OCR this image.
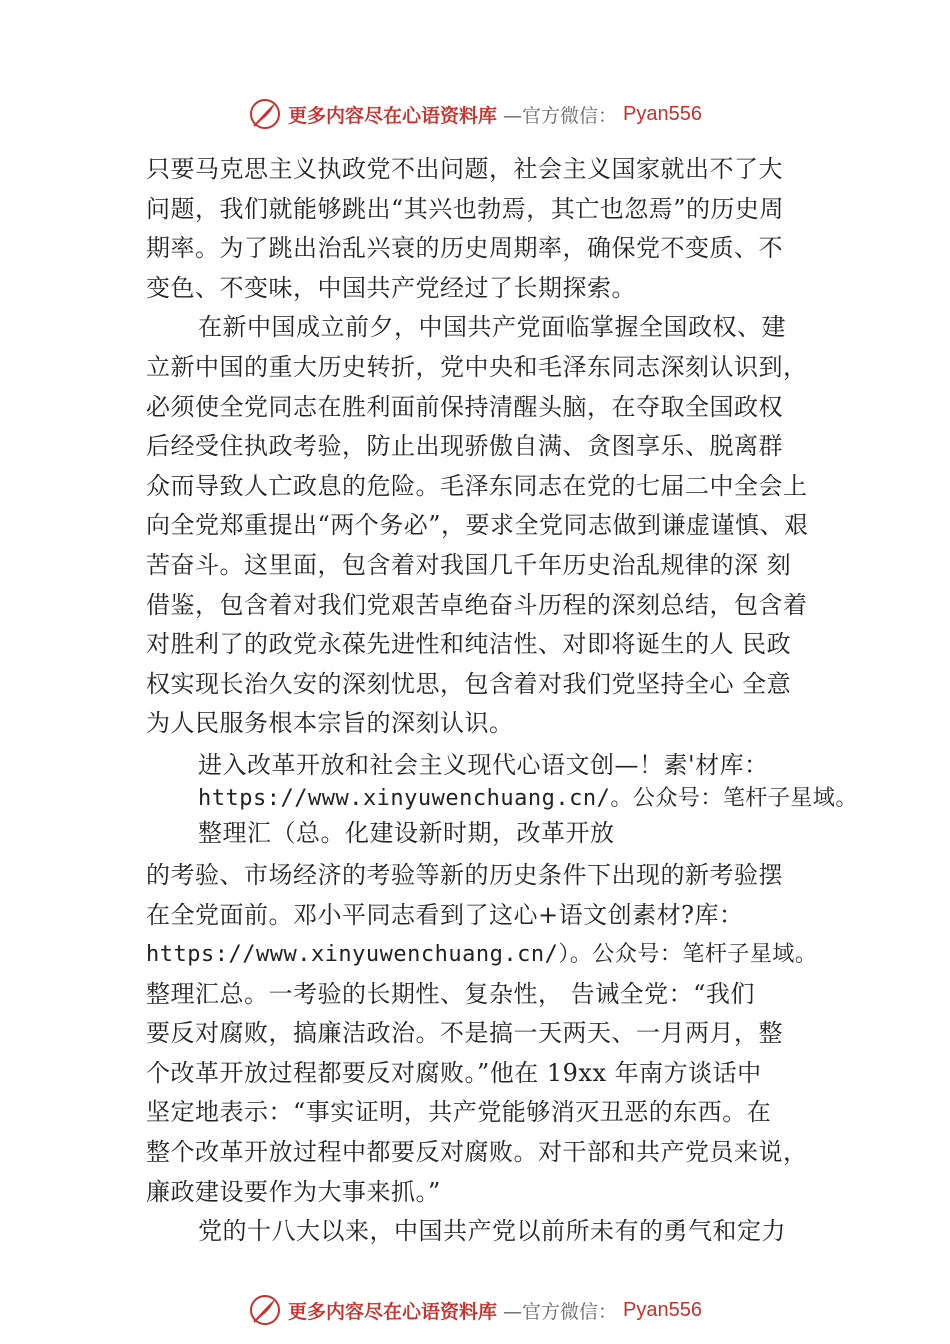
更多内容尽在心语资料库 —官方微信： Pyan556
只要马克思主义执政党不出问题，社会主义国家就出不了大
问题，我们就能够跳出“其兴也勃焉，其亡也忽焉”的历史周
期率。为了跳出治乱兴衰的历史周期率，确保党不变质、不
变色、不变味，中国共产党经过了长期探索。
在新中国成立前夕，中国共产党面临掌握全国政权、建
立新中国的重大历史转折，党中央和毛泽东同志深刻认识到，
必须使全党同志在胜利面前保持清醒头脑，在夺取全国政权
后经受住执政考验，防止出现骄傲自满、贪图享乐、脱离群
众而导致人亡政息的危险。毛泽东同志在党的七届二中全会上
向全党郑重提出“两个务必”，要求全党同志做到谦虚谨慎、艰
苦奋斗。这里面，包含着对我国几千年历史治乱规律的深 刻
借鉴，包含着对我们党艰苦卓绝奋斗历程的深刻总结，包含着
对胜利了的政党永葆先进性和纯洁性、对即将诞生的人 民政
权实现长治久安的深刻忧思，包含着对我们党坚持全心 全意
为人民服务根本宗旨的深刻认识。
进入改革开放和社会主义现代心语文创—！素'材库：
https://www.xinyuwenchuang.cn/。公众号：笔杆子星域。
整理汇（总。化建设新时期，改革开放
的考验、市场经济的考验等新的历史条件下出现的新考验摆
在全党面前。邓小平同志看到了这心+语文创素材?库：
https://www.xinyuwenchuang.cn/）。公众号：笔杆子星域。
整理汇总。一考验的长期性、复杂性， 告诫全党：“我们
要反对腐败，搞廉洁政治。不是搞一天两天、一月两月，整
个改革开放过程都要反对腐败。”他在 19xx 年南方谈话中
坚定地表示：“事实证明，共产党能够消灭丑恶的东西。在
整个改革开放过程中都要反对腐败。对干部和共产党员来说，
廉政建设要作为大事来抓。”
党的十八大以来，中国共产党以前所未有的勇气和定力
更多内容尽在心语资料库 —官方微信： Pyan556
